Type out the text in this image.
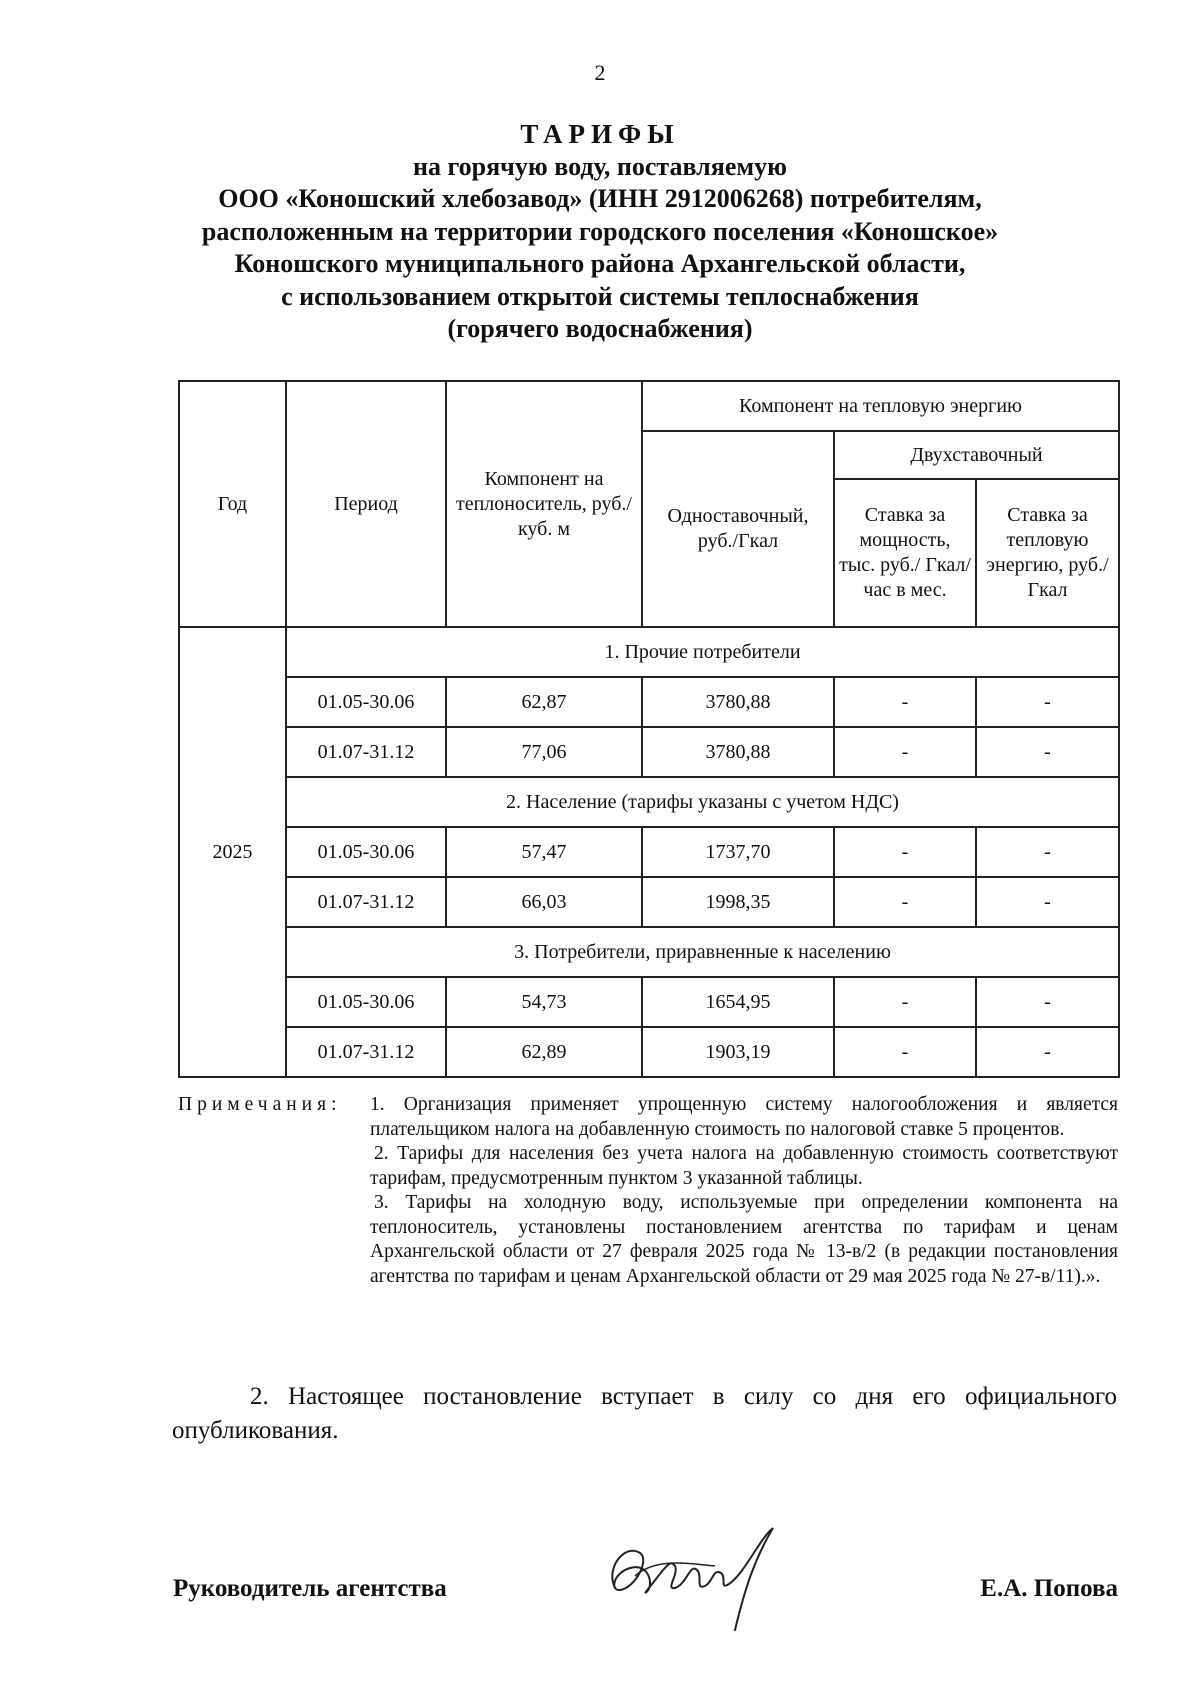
2
ТАРИФЫ
на горячую воду, поставляемую
ООО «Коношский хлебозавод» (ИНН 2912006268) потребителям,
расположенным на территории городского поселения «Коношское»
Коношского муниципального района Архангельской области,
с использованием открытой системы теплоснабжения
(горячего водоснабжения)
Год	Период	Компонент на теплоноситель, руб./куб. м	Компонент на тепловую энергию		
			Одноставочный, руб./Гкал	Двухставочный	
				Ставка за мощность, тыс. руб./ Гкал/час в мес.	Ставка за тепловую энергию, руб./Гкал
2025	1. Прочие потребители				
	01.05-30.06	62,87	3780,88	-	-
	01.07-31.12	77,06	3780,88	-	-
	2. Население (тарифы указаны с учетом НДС)				
	01.05-30.06	57,47	1737,70	-	-
	01.07-31.12	66,03	1998,35	-	-
	3. Потребители, приравненные к населению				
	01.05-30.06	54,73	1654,95	-	-
	01.07-31.12	62,89	1903,19	-	-
Примечания: 1. Организация применяет упрощенную систему налогообложения и является плательщиком налога на добавленную стоимость по налоговой ставке 5 процентов.
2. Тарифы для населения без учета налога на добавленную стоимость соответствуют тарифам, предусмотренным пунктом 3 указанной таблицы.
3. Тарифы на холодную воду, используемые при определении компонента на теплоноситель, установлены постановлением агентства по тарифам и ценам Архангельской области от 27 февраля 2025 года № 13-в/2 (в редакции постановления агентства по тарифам и ценам Архангельской области от 29 мая 2025 года № 27-в/11).».
2. Настоящее постановление вступает в силу со дня его официального опубликования.
Руководитель агентства	Е.А. Попова
